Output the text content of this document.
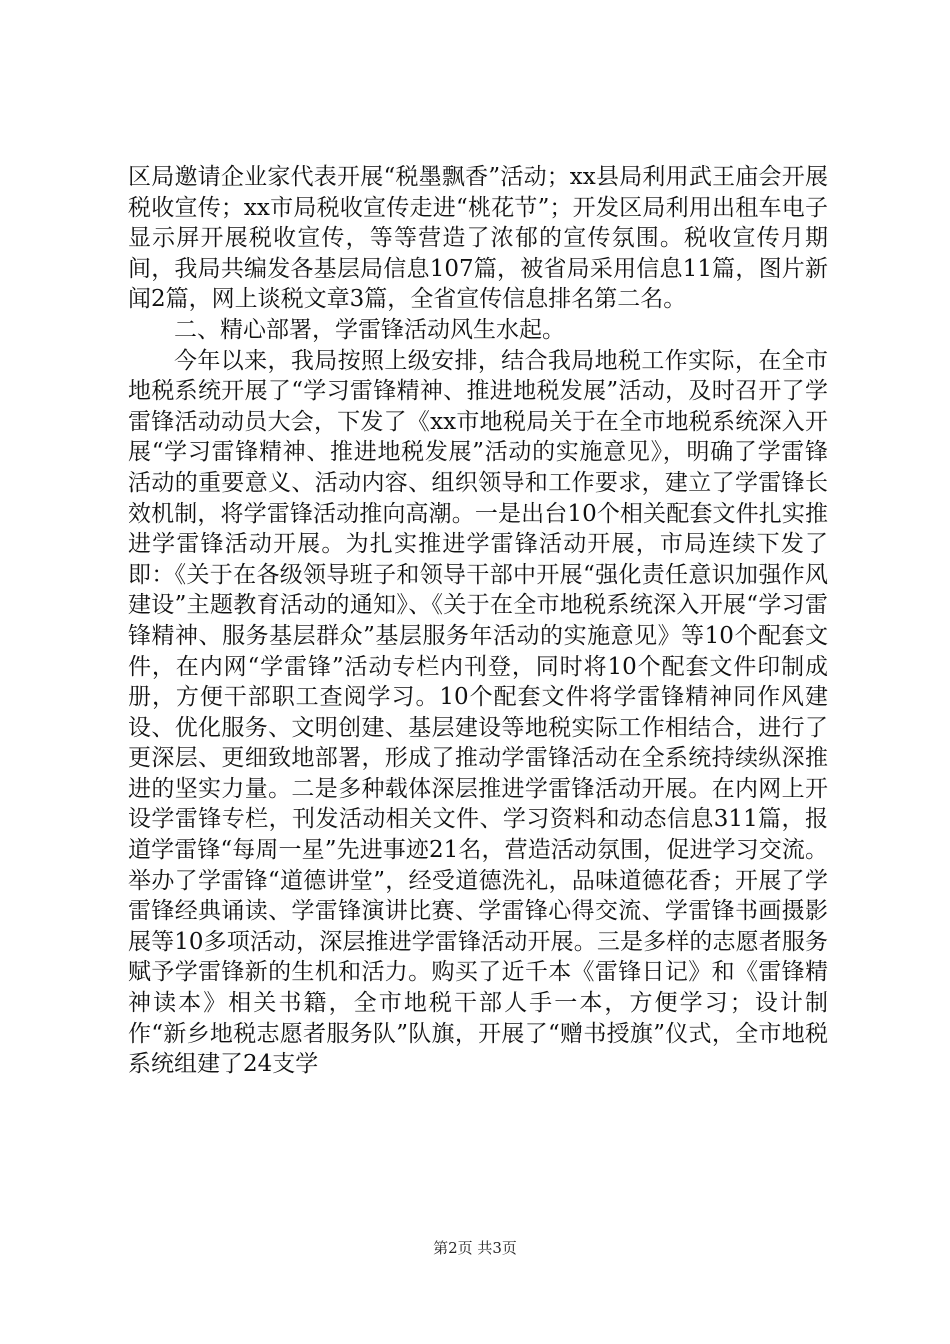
区局邀请企业家代表开展“税墨飘香”活动；xx县局利用武王庙会开展税收宣传；xx市局税收宣传走进“桃花节”；开发区局利用出租车电子显示屏开展税收宣传，等等营造了浓郁的宣传氛围。税收宣传月期间，我局共编发各基层局信息107篇，被省局采用信息11篇，图片新闻2篇，网上谈税文章3篇，全省宣传信息排名第二名。

二、精心部署，学雷锋活动风生水起。

今年以来，我局按照上级安排，结合我局地税工作实际，在全市地税系统开展了“学习雷锋精神、推进地税发展”活动，及时召开了学雷锋活动动员大会，下发了《xx市地税局关于在全市地税系统深入开展“学习雷锋精神、推进地税发展”活动的实施意见》，明确了学雷锋活动的重要意义、活动内容、组织领导和工作要求，建立了学雷锋长效机制，将学雷锋活动推向高潮。一是出台10个相关配套文件扎实推进学雷锋活动开展。为扎实推进学雷锋活动开展，市局连续下发了即：《关于在各级领导班子和领导干部中开展“强化责任意识加强作风建设”主题教育活动的通知》、《关于在全市地税系统深入开展“学习雷锋精神、服务基层群众”基层服务年活动的实施意见》等10个配套文件，在内网“学雷锋”活动专栏内刊登，同时将10个配套文件印制成册，方便干部职工查阅学习。10个配套文件将学雷锋精神同作风建设、优化服务、文明创建、基层建设等地税实际工作相结合，进行了更深层、更细致地部署，形成了推动学雷锋活动在全系统持续纵深推进的坚实力量。二是多种载体深层推进学雷锋活动开展。在内网上开设学雷锋专栏，刊发活动相关文件、学习资料和动态信息311篇，报道学雷锋“每周一星”先进事迹21名，营造活动氛围，促进学习交流。举办了学雷锋“道德讲堂”，经受道德洗礼，品味道德花香；开展了学雷锋经典诵读、学雷锋演讲比赛、学雷锋心得交流、学雷锋书画摄影展等10多项活动，深层推进学雷锋活动开展。三是多样的志愿者服务赋予学雷锋新的生机和活力。购买了近千本《雷锋日记》和《雷锋精神读本》相关书籍，全市地税干部人手一本，方便学习；设计制作“新乡地税志愿者服务队”队旗，开展了“赠书授旗”仪式，全市地税系统组建了24支学

第2页 共3页
